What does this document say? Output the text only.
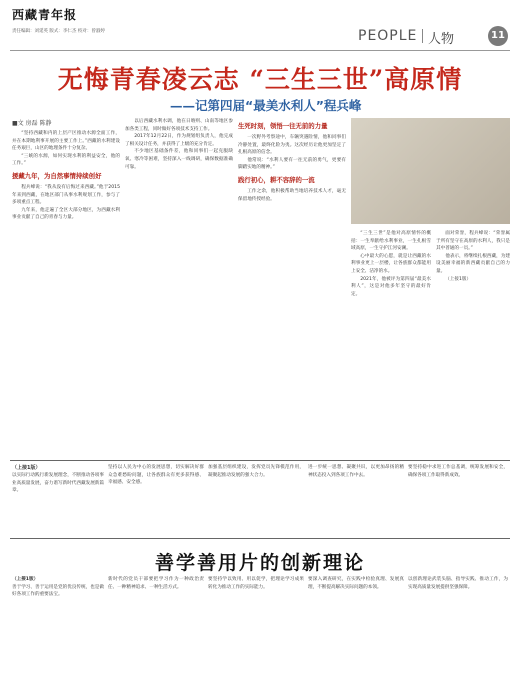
西藏青年报
责任编辑：刘延英 版式：李仁杰 校对：曾淑婷	PEOPLE 人物	11
无悔青春凌云志 “三生三世”高原情
——记第四届“最美水利人”程兵峰
■文 房磊 陈静

“坚持西藏和内的上层产区推动水源全面工作，并在本期地利事开展的主要工作上。”西藏的水利建设任务艰巨，山区的地理条件十分复杂。

“三峡的水源，如何实现水利的利益安全，他的工作。”

援藏九年，为自然事情持续创好

程兵峰说：“我从没有后悔过来西藏。”他于2015年来到西藏，在地区部门从事水利规划工作，参与了多项重点工程。

九年来，他走遍了全区大部分地区，为西藏水利事业贡献了自己的青春与力量。

以后西藏水利水调，他在日喀则、山南等地区参加各类工程，同时做好各项技术支持工作。

2017年12月22日，作为规划组负责人，他完成了相关设计任务，并获得了上级的充分肯定。

不少地区基础条件差，他和同事们一起克服缺氧、寒冷等困难，坚持深入一线调研，确保数据准确可靠。

生死时刻，领悟一往无前的力量

一次野外考察途中，车辆突遇险情，他和同事们冷静处置，最终化险为夷。这次经历让他更加坚定了扎根高原的信念。

他常说：“水利人要有一往无前的勇气，更要有脚踏实地的精神。”

践行初心，耕不容辞的一流

工作之余，他积极帮助当地培养技术人才，毫无保留地传授经验。

“三生三世”是他对高原情怀的概括：一生奉献给水利事业，一生扎根雪域高原，一生守护江河安澜。

心中最大的心愿，就是让西藏的水利事业更上一层楼，让各族群众都能用上安全、洁净的水。

2021年，他被评为第四届“最美水利人”，这是对他多年坚守的最好肯定。

面对荣誉，程兵峰说：“荣誉属于所有坚守在高原的水利人，我只是其中普通的一员。”

他表示，将继续扎根西藏，为建设美丽幸福的新西藏贡献自己的力量。

（上接1版）

（上接1版）
以实际行动践行新发展理念，不断推动各项事业高质量发展，奋力谱写新时代西藏发展新篇章。
坚持以人民为中心的发展思想，切实解决好群众急难愁盼问题，让各族群众有更多获得感、幸福感、安全感。
加强基层组织建设，发挥党员先锋模范作用，凝聚起推动发展的强大合力。
进一步统一思想、凝聚共识，以更加昂扬的精神状态投入到各项工作中去。
要坚持稳中求进工作总基调，统筹发展和安全，确保各项工作取得新成效。
善学善用片的创新理论
（上接1版）
善于学习、善于运用是党的优良传统，也是做好各项工作的重要法宝。
新时代的党员干部要把学习作为一种政治责任、一种精神追求、一种生活方式。
要坚持学以致用、用以促学，把理论学习成果转化为推动工作的实际能力。
要深入调查研究，在实践中检验真理、发展真理，不断提高解决实际问题的本领。
以创新理论武装头脑、指导实践、推动工作，为实现高质量发展提供坚强保障。
